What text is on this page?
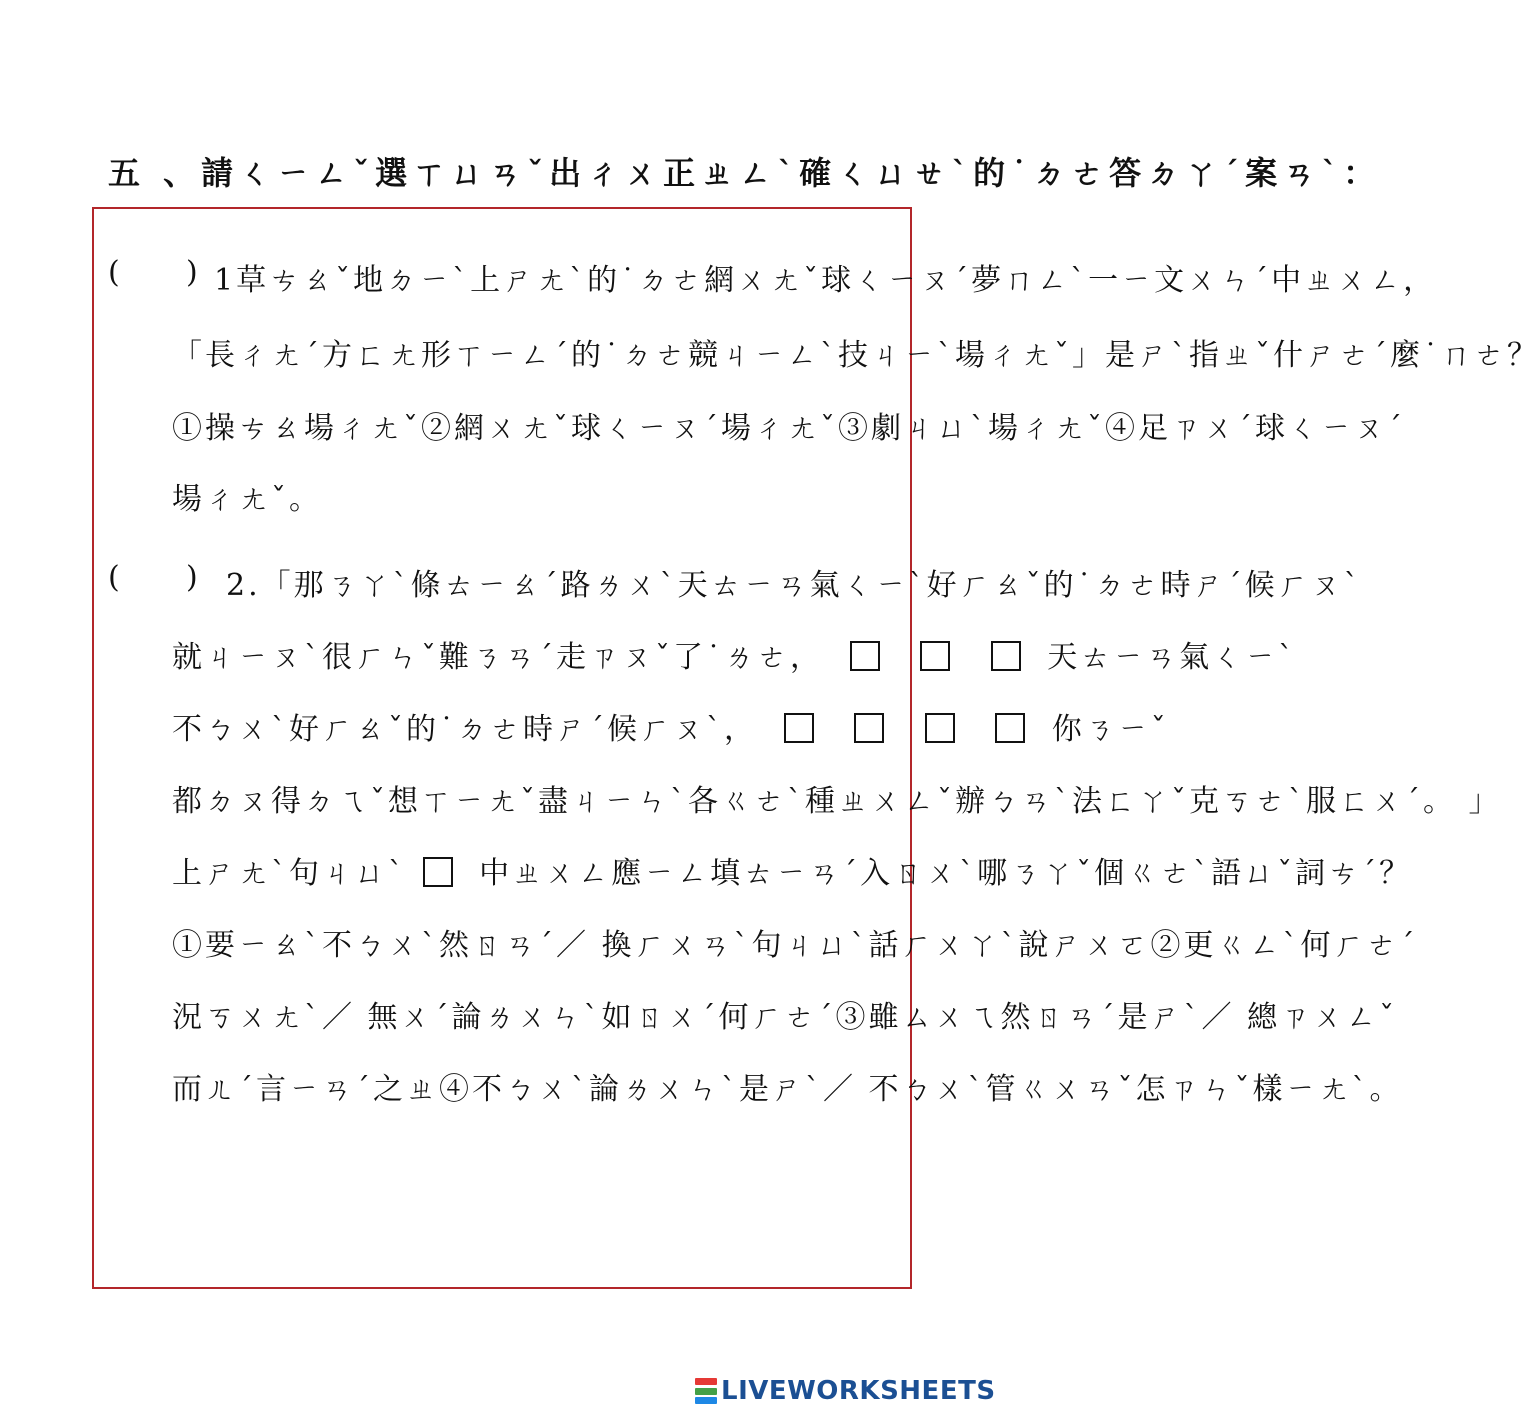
五 、請ㄑㄧㄥˇ選ㄒㄩㄢˇ出ㄔㄨ正ㄓㄥˋ確ㄑㄩㄝˋ的˙ㄉㄜ答ㄉㄚˊ案ㄢˋ：
( ) 1草ㄘㄠˇ地ㄉㄧˋ上ㄕㄤˋ的˙ㄉㄜ網ㄨㄤˇ球ㄑㄧㄡˊ夢ㄇㄥˋ一ㄧ文ㄨㄣˊ中ㄓㄨㄥ，
「長ㄔㄤˊ方ㄈㄤ形ㄒㄧㄥˊ的˙ㄉㄜ競ㄐㄧㄥˋ技ㄐㄧˋ場ㄔㄤˇ」是ㄕˋ指ㄓˇ什ㄕㄜˊ麼˙ㄇㄜ？
①操ㄘㄠ場ㄔㄤˇ②網ㄨㄤˇ球ㄑㄧㄡˊ場ㄔㄤˇ③劇ㄐㄩˋ場ㄔㄤˇ④足ㄗㄨˊ球ㄑㄧㄡˊ
場ㄔㄤˇ。
( ) 2.「那ㄋㄚˋ條ㄊㄧㄠˊ路ㄌㄨˋ天ㄊㄧㄢ氣ㄑㄧˋ好ㄏㄠˇ的˙ㄉㄜ時ㄕˊ候ㄏㄡˋ
就ㄐㄧㄡˋ很ㄏㄣˇ難ㄋㄢˊ走ㄗㄡˇ了˙ㄌㄜ，	天ㄊㄧㄢ氣ㄑㄧˋ
不ㄅㄨˋ好ㄏㄠˇ的˙ㄉㄜ時ㄕˊ候ㄏㄡˋ，	你ㄋㄧˇ
都ㄉㄡ得ㄉㄟˇ想ㄒㄧㄤˇ盡ㄐㄧㄣˋ各ㄍㄜˋ種ㄓㄨㄥˇ辦ㄅㄢˋ法ㄈㄚˇ克ㄎㄜˋ服ㄈㄨˊ。 」
上ㄕㄤˋ句ㄐㄩˋ 中ㄓㄨㄥ應ㄧㄥ填ㄊㄧㄢˊ入ㄖㄨˋ哪ㄋㄚˇ個ㄍㄜˋ語ㄩˇ詞ㄘˊ？
①要ㄧㄠˋ不ㄅㄨˋ然ㄖㄢˊ／ 換ㄏㄨㄢˋ句ㄐㄩˋ話ㄏㄨㄚˋ說ㄕㄨㄛ②更ㄍㄥˋ何ㄏㄜˊ
況ㄎㄨㄤˋ／ 無ㄨˊ論ㄌㄨㄣˋ如ㄖㄨˊ何ㄏㄜˊ③雖ㄙㄨㄟ然ㄖㄢˊ是ㄕˋ／ 總ㄗㄨㄥˇ
而ㄦˊ言ㄧㄢˊ之ㄓ④不ㄅㄨˋ論ㄌㄨㄣˋ是ㄕˋ／ 不ㄅㄨˋ管ㄍㄨㄢˇ怎ㄗㄣˇ樣ㄧㄤˋ。
LIVEWORKSHEETS
